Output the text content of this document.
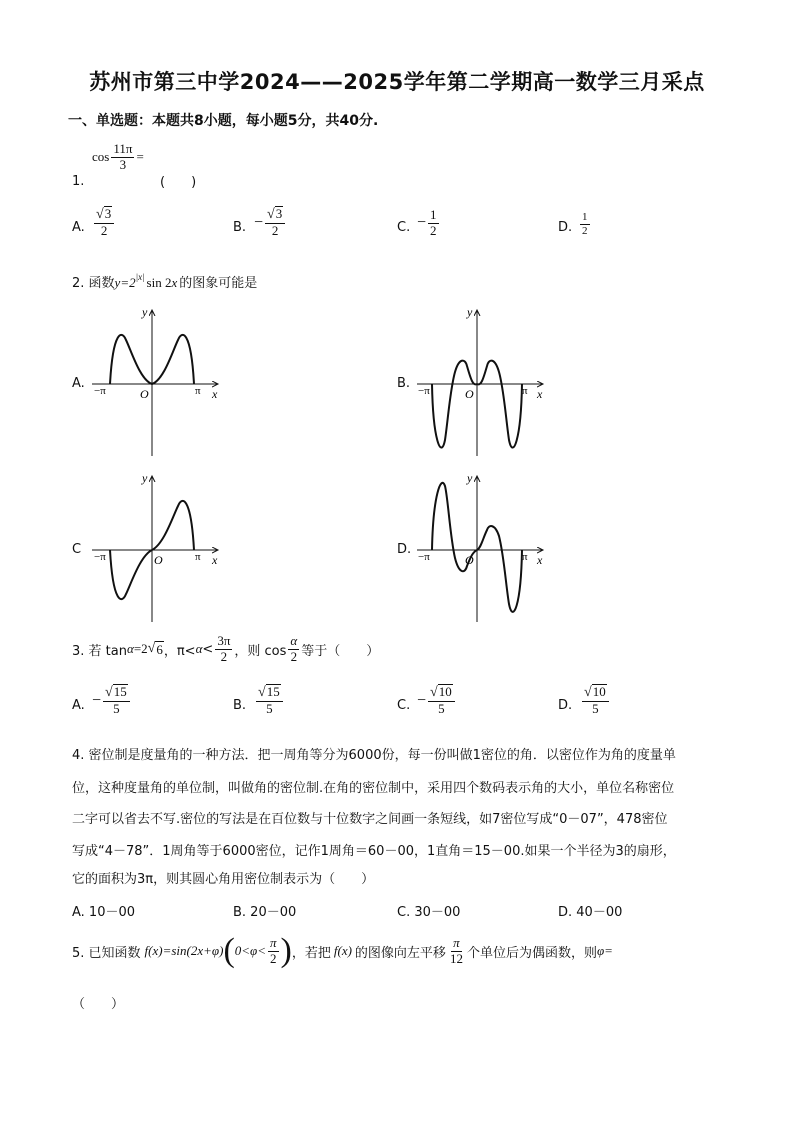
苏州市第三中学2024——2025学年第二学期高一数学三月采点
一、单选题：本题共8小题，每小题5分，共40分.
1.
$\cos \frac{11\pi}{3}$ =
(　　)
A. $\frac{√3}{2}$	B. − $\frac{√3}{2}$	C. − $\frac{1}{2}$	D. $\frac{1}{2}$
2. 函数 y=2 |x| sin 2 x 的图象可能是
A.	B.
C	D.
y
x
O
−π	π
y
x
O
−π	π
y
x
O
−π	π
y
x
O
−π	π
3. 若 tan α =2 √ 6 ，$\pi< \alpha < \frac{3\pi}{2}$ ，则 $\cos \frac{\alpha}{2}$ 等于（　　）
A. − $\frac{√15}{5}$	B. $\frac{√15}{5}$	C. − $\frac{√10}{5}$	D. $\frac{√10}{5}$
4. 密位制是度量角的一种方法．把一周角等分为6000份，每一份叫做1密位的角．以密位作为角的度量单
位，这种度量角的单位制，叫做角的密位制.在角的密位制中，采用四个数码表示角的大小，单位名称密位
二字可以省去不写.密位的写法是在百位数与十位数字之间画一条短线，如7密位写成“0－07”，478密位
写成“4－78”．1周角等于6000密位，记作1周角＝60－00，1直角＝15－00.如果一个半径为3的扇形，
它的面积为3π，则其圆心角用密位制表示为（　　）
A. 10－00	B. 20－00	C. 30－00	D. 40－00
5. 已知函数 f(x)=sin(2x+φ) ( $0<\varphi< \frac{\pi}{2}$ ) ，若把 f(x) 的图像向左平移 $\frac{\pi}{12}$ 个单位后为偶函数，则 φ=
（　　）
